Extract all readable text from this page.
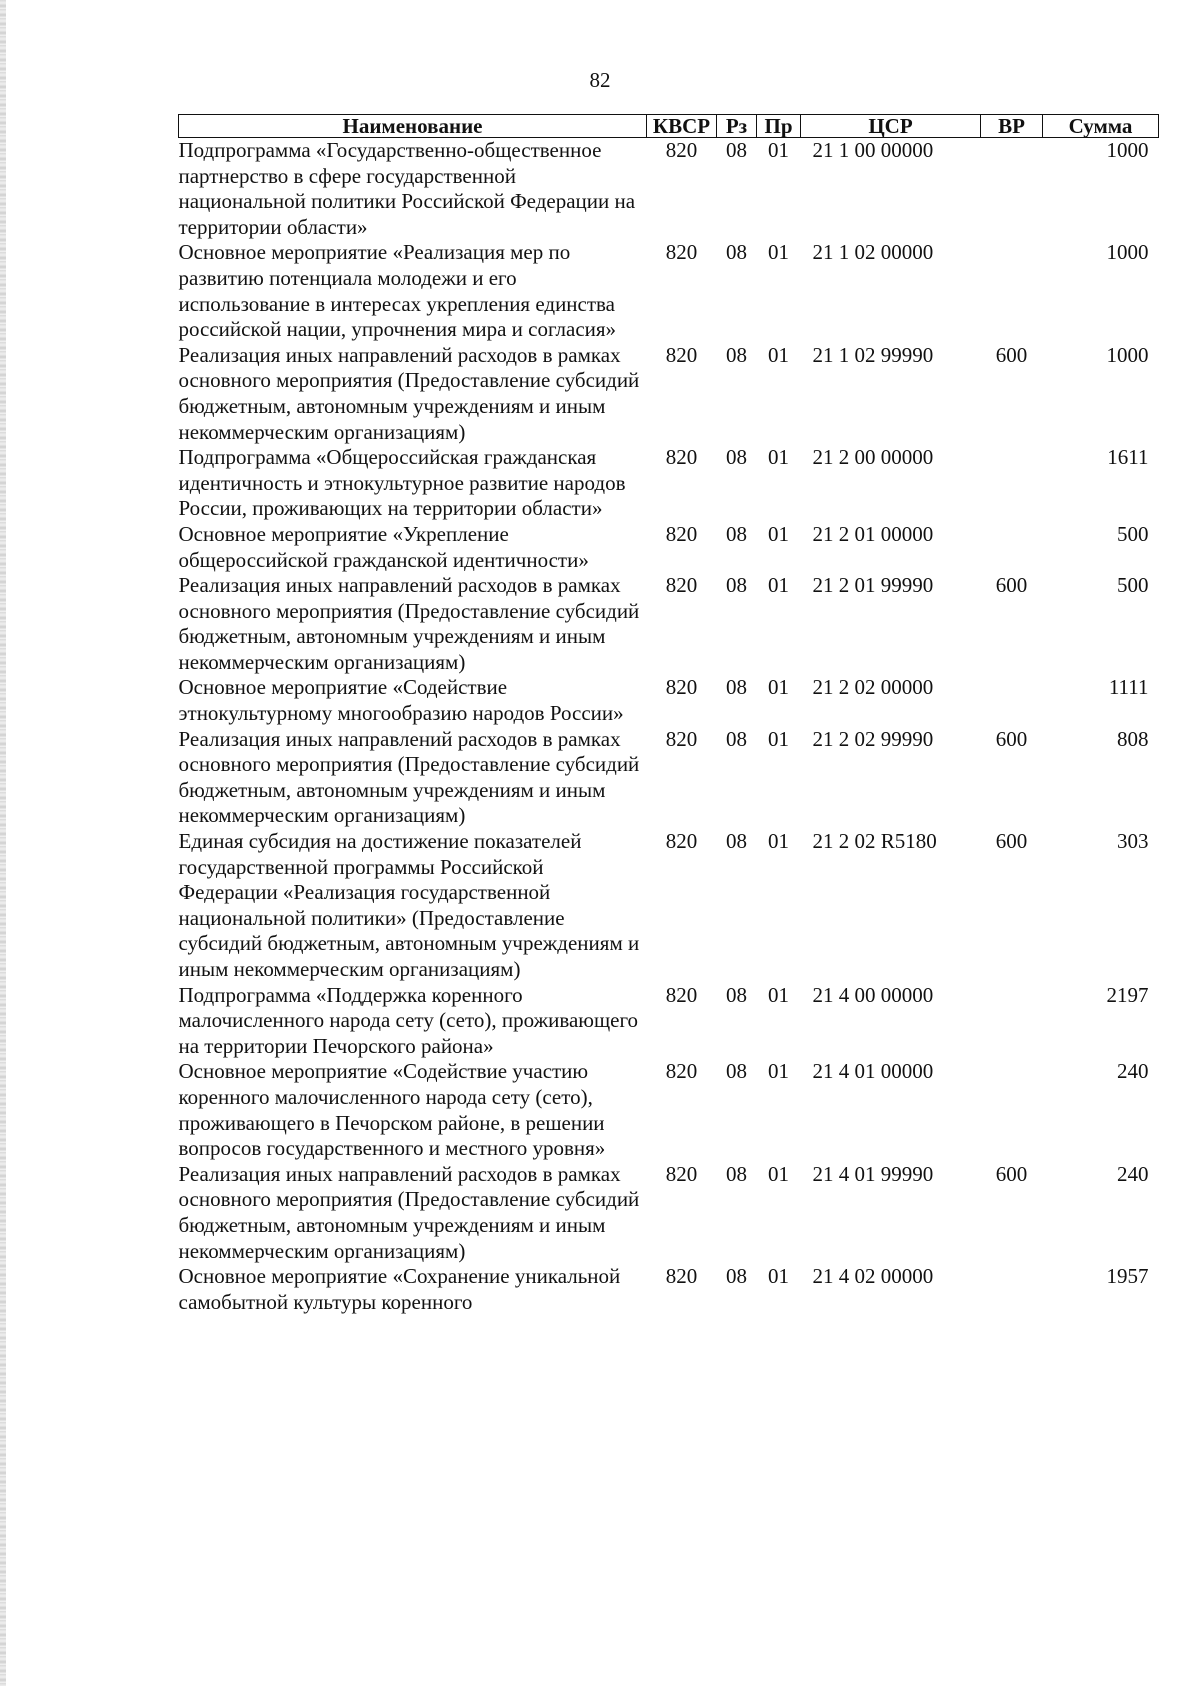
82
Наименование	КВСР	Рз	Пр	ЦСР	ВР	Сумма
Подпрограмма «Государственно-общественное партнерство в сфере государственной национальной политики Российской Федерации на территории области»	820	08	01	21 1 00 00000		1000
Основное мероприятие «Реализация мер по развитию потенциала молодежи и его использование в интересах укрепления единства российской нации, упрочнения мира и согласия»	820	08	01	21 1 02 00000		1000
Реализация иных направлений расходов в рамках основного мероприятия (Предоставление субсидий бюджетным, автономным учреждениям и иным некоммерческим организациям)	820	08	01	21 1 02 99990	600	1000
Подпрограмма «Общероссийская гражданская идентичность и этнокультурное развитие народов России, проживающих на территории области»	820	08	01	21 2 00 00000		1611
Основное мероприятие «Укрепление общероссийской гражданской идентичности»	820	08	01	21 2 01 00000		500
Реализация иных направлений расходов в рамках основного мероприятия (Предоставление субсидий бюджетным, автономным учреждениям и иным некоммерческим организациям)	820	08	01	21 2 01 99990	600	500
Основное мероприятие «Содействие этнокультурному многообразию народов России»	820	08	01	21 2 02 00000		1111
Реализация иных направлений расходов в рамках основного мероприятия (Предоставление субсидий бюджетным, автономным учреждениям и иным некоммерческим организациям)	820	08	01	21 2 02 99990	600	808
Единая субсидия на достижение показателей государственной программы Российской Федерации «Реализация государственной национальной политики» (Предоставление субсидий бюджетным, автономным учреждениям и иным некоммерческим организациям)	820	08	01	21 2 02 R5180	600	303
Подпрограмма «Поддержка коренного малочисленного народа сету (сето), проживающего на территории Печорского района»	820	08	01	21 4 00 00000		2197
Основное мероприятие «Содействие участию коренного малочисленного народа сету (сето), проживающего в Печорском районе, в решении вопросов государственного и местного уровня»	820	08	01	21 4 01 00000		240
Реализация иных направлений расходов в рамках основного мероприятия (Предоставление субсидий бюджетным, автономным учреждениям и иным некоммерческим организациям)	820	08	01	21 4 01 99990	600	240
Основное мероприятие «Сохранение уникальной самобытной культуры коренного	820	08	01	21 4 02 00000		1957
